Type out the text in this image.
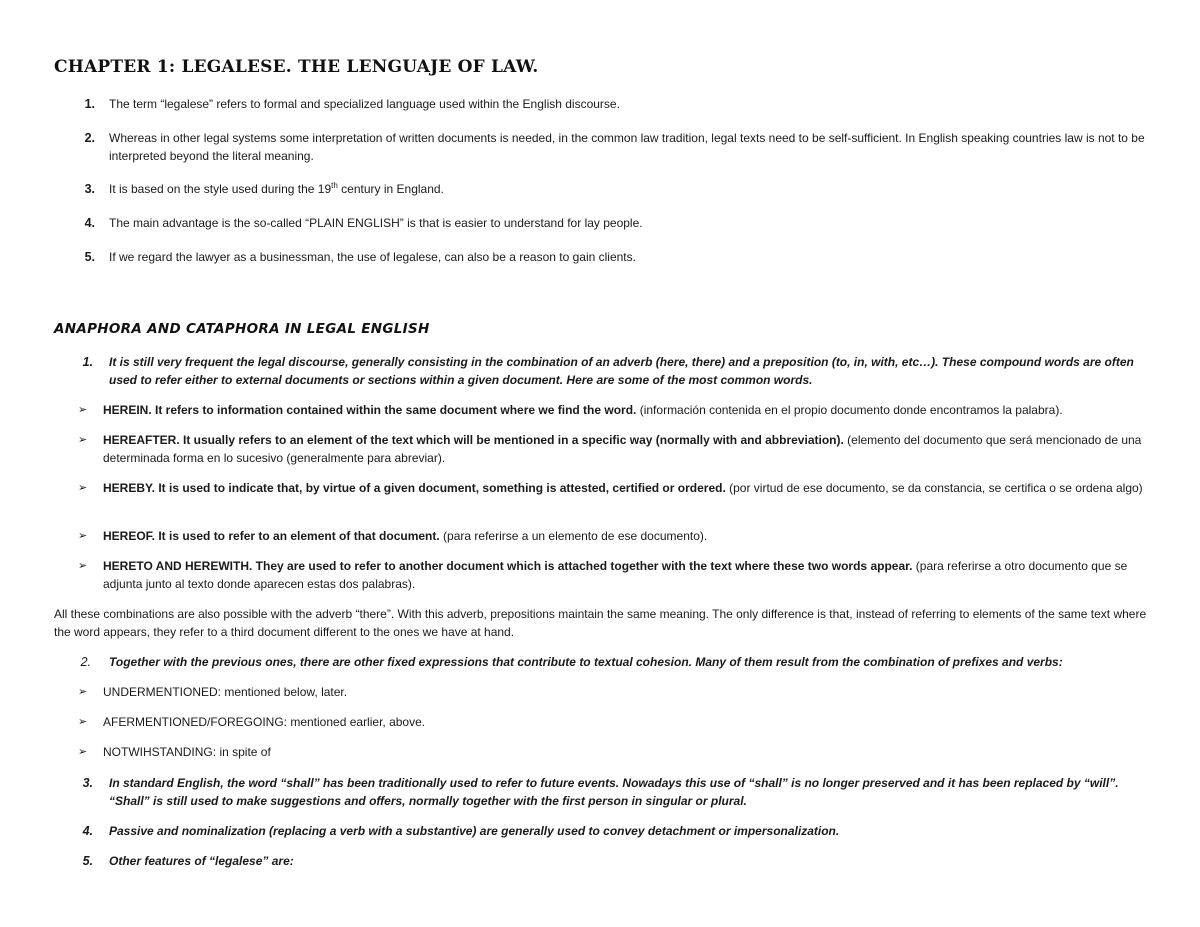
CHAPTER 1: LEGALESE. THE LENGUAJE OF LAW.
1. The term “legalese” refers to formal and specialized language used within the English discourse.
2. Whereas in other legal systems some interpretation of written documents is needed, in the common law tradition, legal texts need to be self-sufficient. In English speaking countries law is not to be interpreted beyond the literal meaning.
3. It is based on the style used during the 19th century in England.
4. The main advantage is the so-called “PLAIN ENGLISH” is that is easier to understand for lay people.
5. If we regard the lawyer as a businessman, the use of legalese, can also be a reason to gain clients.
ANAPHORA AND CATAPHORA IN LEGAL ENGLISH
1. It is still very frequent the legal discourse, generally consisting in the combination of an adverb (here, there) and a preposition (to, in, with, etc…). These compound words are often used to refer either to external documents or sections within a given document. Here are some of the most common words.
➢ HEREIN. It refers to information contained within the same document where we find the word. (información contenida en el propio documento donde encontramos la palabra).
➢ HEREAFTER. It usually refers to an element of the text which will be mentioned in a specific way (normally with and abbreviation). (elemento del documento que será mencionado de una determinada forma en lo sucesivo (generalmente para abreviar).
➢ HEREBY. It is used to indicate that, by virtue of a given document, something is attested, certified or ordered. (por virtud de ese documento, se da constancia, se certifica o se ordena algo)
➢ HEREOF. It is used to refer to an element of that document. (para referirse a un elemento de ese documento).
➢ HERETO AND HEREWITH. They are used to refer to another document which is attached together with the text where these two words appear. (para referirse a otro documento que se adjunta junto al texto donde aparecen estas dos palabras).
All these combinations are also possible with the adverb “there”. With this adverb, prepositions maintain the same meaning. The only difference is that, instead of referring to elements of the same text where the word appears, they refer to a third document different to the ones we have at hand.
2. Together with the previous ones, there are other fixed expressions that contribute to textual cohesion. Many of them result from the combination of prefixes and verbs:
➢ UNDERMENTIONED: mentioned below, later.
➢ AFERMENTIONED/FOREGOING: mentioned earlier, above.
➢ NOTWIHSTANDING: in spite of
3. In standard English, the word “shall” has been traditionally used to refer to future events. Nowadays this use of “shall” is no longer preserved and it has been replaced by “will”. “Shall” is still used to make suggestions and offers, normally together with the first person in singular or plural.
4. Passive and nominalization (replacing a verb with a substantive) are generally used to convey detachment or impersonalization.
5. Other features of “legalese” are:
